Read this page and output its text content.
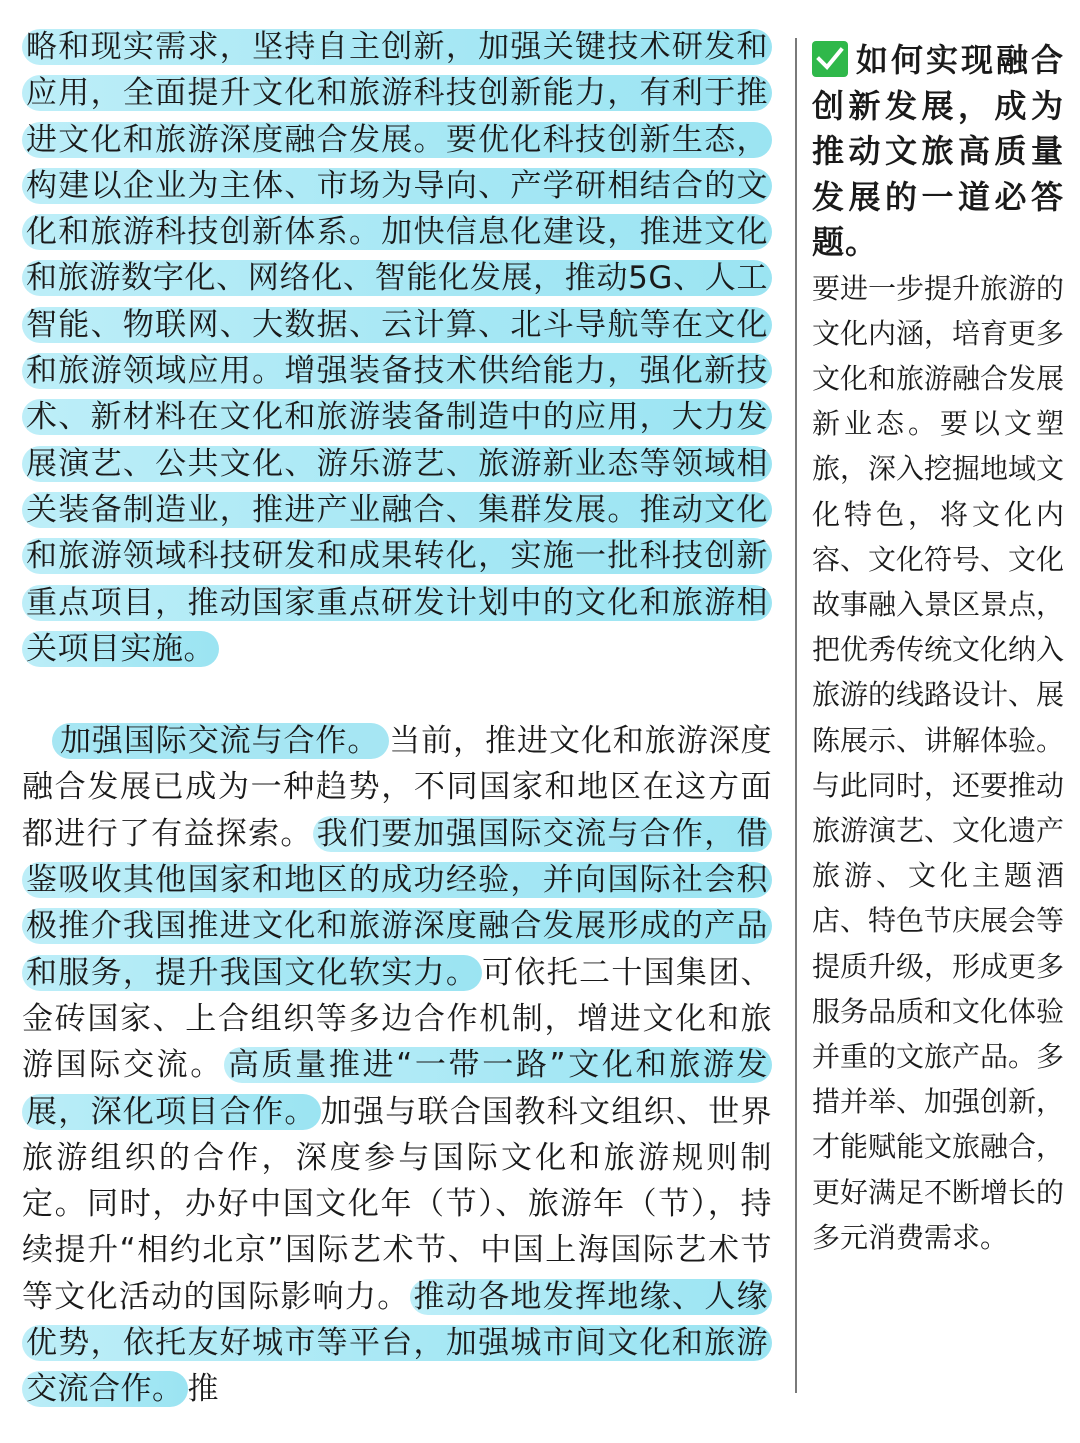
略和现实需求，坚持自主创新，加强关键技术研发和应用，全面提升文化和旅游科技创新能力，有利于推进文化和旅游深度融合发展。要优化科技创新生态，构建以企业为主体、市场为导向、产学研相结合的文化和旅游科技创新体系。加快信息化建设，推进文化和旅游数字化、网络化、智能化发展，推动5G、人工智能、物联网、大数据、云计算、北斗导航等在文化和旅游领域应用。增强装备技术供给能力，强化新技术、新材料在文化和旅游装备制造中的应用，大力发展演艺、公共文化、游乐游艺、旅游新业态等领域相关装备制造业，推进产业融合、集群发展。推动文化和旅游领域科技研发和成果转化，实施一批科技创新重点项目，推动国家重点研发计划中的文化和旅游相关项目实施。

加强国际交流与合作。 当前，推进文化和旅游深度融合发展已成为一种趋势，不同国家和地区在这方面都进行了有益探索。 我们要加强国际交流与合作，借鉴吸收其他国家和地区的成功经验，并向国际社会积极推介我国推进文化和旅游深度融合发展形成的产品和服务，提升我国文化软实力。 可依托二十国集团、金砖国家、上合组织等多边合作机制，增进文化和旅游国际交流。 高质量推进“一带一路”文化和旅游发展，深化项目合作。 加强与联合国教科文组织、世界旅游组织的合作，深度参与国际文化和旅游规则制定。同时，办好中国文化年（节）、旅游年（节），持续提升“相约北京”国际艺术节、中国上海国际艺术节等文化活动的国际影响力。 推动各地发挥地缘、人缘优势，依托友好城市等平台，加强城市间文化和旅游交流合作。 推

如何实现融合创新发展，成为推动文旅高质量发展的一道必答题。

要进一步提升旅游的文化内涵，培育更多文化和旅游融合发展新业态。要以文塑旅，深入挖掘地域文化特色，将文化内容、文化符号、文化故事融入景区景点，把优秀传统文化纳入旅游的线路设计、展陈展示、讲解体验。与此同时，还要推动旅游演艺、文化遗产旅游、文化主题酒店、特色节庆展会等提质升级，形成更多服务品质和文化体验并重的文旅产品。多措并举、加强创新，才能赋能文旅融合，更好满足不断增长的多元消费需求。
